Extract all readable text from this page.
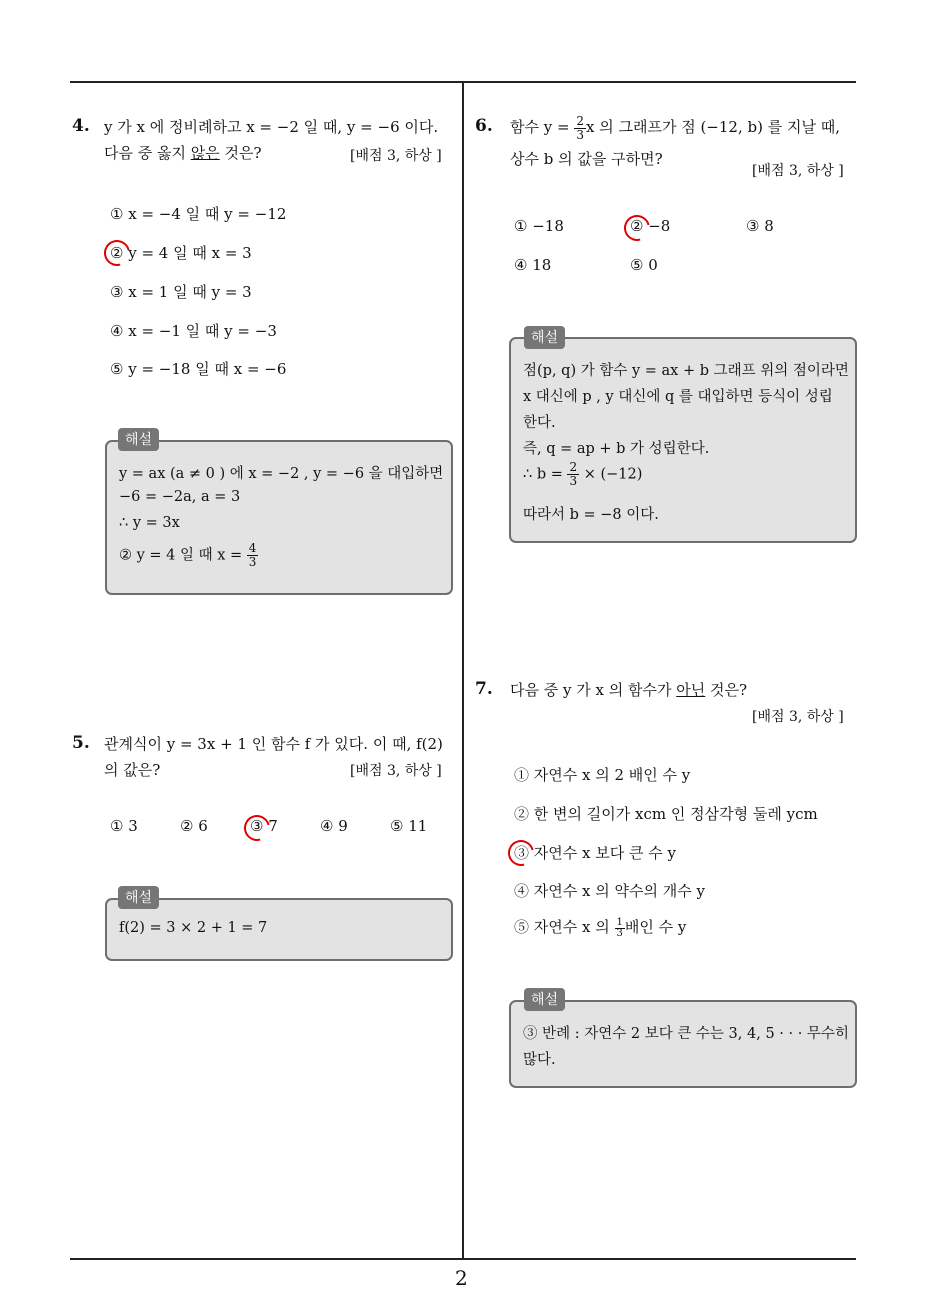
2
4. y 가 x 에 정비례하고 x = −2 일 때, y = −6 이다.
다음 중 옳지 않은 것은?	[배점 3, 하상 ]
① x = −4 일 때 y = −12
② y = 4 일 때 x = 3
③ x = 1 일 때 y = 3
④ x = −1 일 때 y = −3
⑤ y = −18 일 때 x = −6
y = ax (a ≠ 0 ) 에 x = −2 , y = −6 을 대입하면
−6 = −2a, a = 3
∴ y = 3x
② y = 4 일 때 $x = \frac{4}{3}$
해설
5. 관계식이 y = 3x + 1 인 함수 f 가 있다. 이 때, f(2)
의 값은?	[배점 3, 하상 ]
① 3	② 6	③ 7	④ 9	⑤ 11
f(2) = 3 × 2 + 1 = 7
해설
6. 함수 $y = \frac{2}{3}$ x 의 그래프가 점 (−12, b) 를 지날 때,
상수 b 의 값을 구하면?
[배점 3, 하상 ]
① −18	② −8	③ 8
④ 18	⑤ 0
점(p, q) 가 함수 y = ax + b 그래프 위의 점이라면
x 대신에 p , y 대신에 q 를 대입하면 등식이 성립
한다.
즉, q = ap + b 가 성립한다.
∴ $b = \frac{2}{3} \times (-12)$
따라서 b = −8 이다.
해설
7. 다음 중 y 가 x 의 함수가 아닌 것은?
[배점 3, 하상 ]
① 자연수 x 의 2 배인 수 y
② 한 변의 길이가 xcm 인 정삼각형 둘레 ycm
③ 자연수 x 보다 큰 수 y
④ 자연수 x 의 약수의 개수 y
⑤ 자연수 x 의 $\frac{1}{3}$ 배인 수 y
③ 반례 : 자연수 2 보다 큰 수는 3, 4, 5 · · · 무수히
많다.
해설
